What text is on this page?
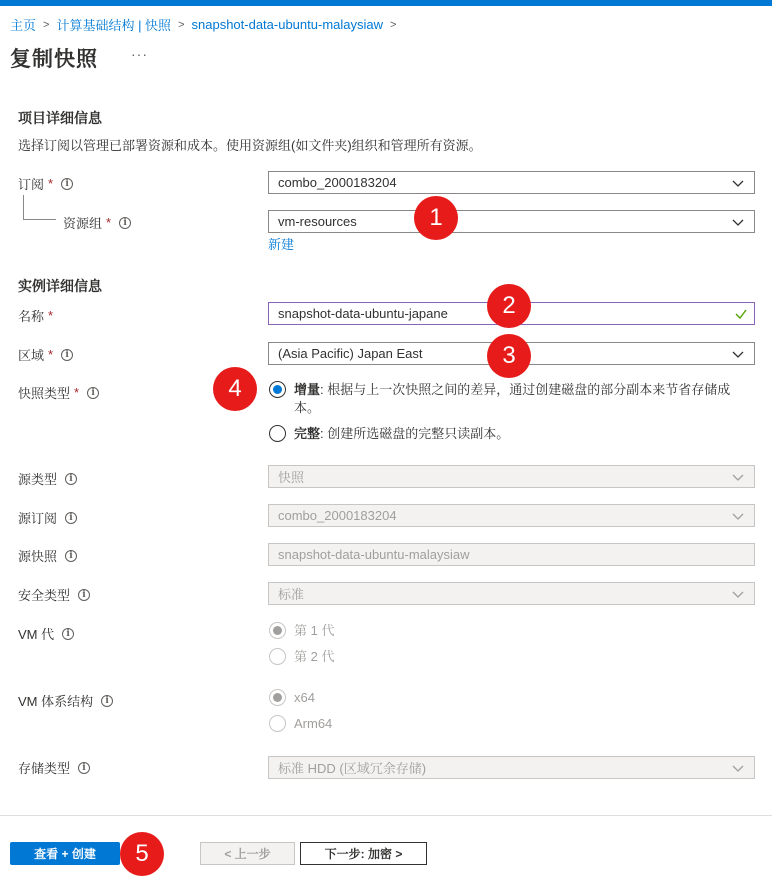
主页 > 计算基础结构 | 快照 > snapshot-data-ubuntu-malaysiaw >
复制快照 ···
项目详细信息
选择订阅以管理已部署资源和成本。使用资源组(如文件夹)组织和管理所有资源。
订阅 *	i	combo_2000183204
资源组 *	i	vm-resources
新建
实例详细信息
名称 *	snapshot-data-ubuntu-japane
区域 *	i	(Asia Pacific) Japan East
快照类型 *	i	增量: 根据与上一次快照之间的差异，通过创建磁盘的部分副本来节省存储成
本。
完整: 创建所选磁盘的完整只读副本。
源类型	i	快照
源订阅	i	combo_2000183204
源快照	i	snapshot-data-ubuntu-malaysiaw
安全类型	i	标准
VM 代	i	第 1 代
第 2 代
VM 体系结构	i	x64
Arm64
存储类型	i	标准 HDD (区域冗余存储)
查看 + 创建	< 上一步	下一步: 加密 >
1
2
3
4
5
